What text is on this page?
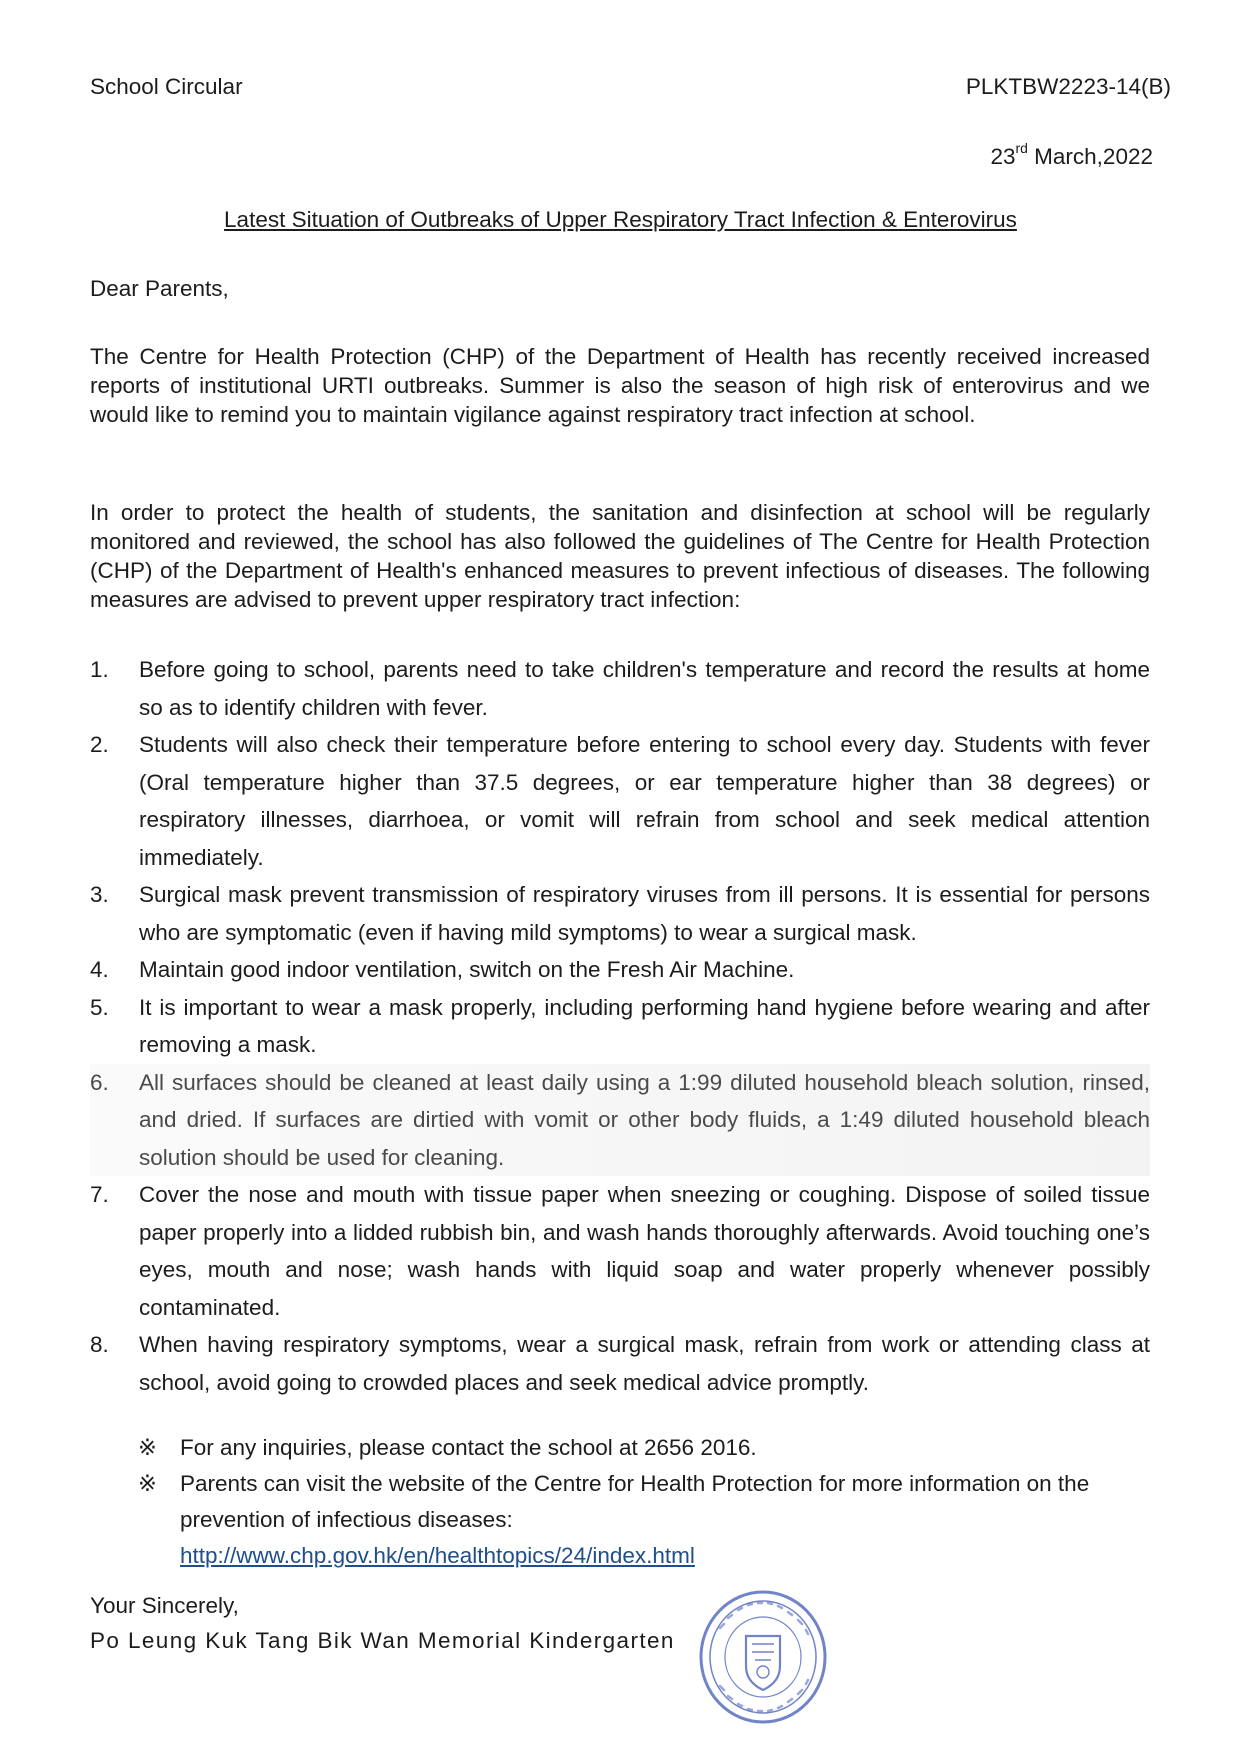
School Circular	PLKTBW2223-14(B)
23rd March,2022
Latest Situation of Outbreaks of Upper Respiratory Tract Infection & Enterovirus
Dear Parents,
The Centre for Health Protection (CHP) of the Department of Health has recently received increased reports of institutional URTI outbreaks. Summer is also the season of high risk of enterovirus and we would like to remind you to maintain vigilance against respiratory tract infection at school.
In order to protect the health of students, the sanitation and disinfection at school will be regularly monitored and reviewed, the school has also followed the guidelines of The Centre for Health Protection (CHP) of the Department of Health's enhanced measures to prevent infectious of diseases. The following measures are advised to prevent upper respiratory tract infection:
1. Before going to school, parents need to take children's temperature and record the results at home so as to identify children with fever.
2. Students will also check their temperature before entering to school every day. Students with fever (Oral temperature higher than 37.5 degrees, or ear temperature higher than 38 degrees) or respiratory illnesses, diarrhoea, or vomit will refrain from school and seek medical attention immediately.
3. Surgical mask prevent transmission of respiratory viruses from ill persons. It is essential for persons who are symptomatic (even if having mild symptoms) to wear a surgical mask.
4. Maintain good indoor ventilation, switch on the Fresh Air Machine.
5. It is important to wear a mask properly, including performing hand hygiene before wearing and after removing a mask.
6. All surfaces should be cleaned at least daily using a 1:99 diluted household bleach solution, rinsed, and dried. If surfaces are dirtied with vomit or other body fluids, a 1:49 diluted household bleach solution should be used for cleaning.
7. Cover the nose and mouth with tissue paper when sneezing or coughing. Dispose of soiled tissue paper properly into a lidded rubbish bin, and wash hands thoroughly afterwards. Avoid touching one’s eyes, mouth and nose; wash hands with liquid soap and water properly whenever possibly contaminated.
8. When having respiratory symptoms, wear a surgical mask, refrain from work or attending class at school, avoid going to crowded places and seek medical advice promptly.
※ For any inquiries, please contact the school at 2656 2016.
※ Parents can visit the website of the Centre for Health Protection for more information on the prevention of infectious diseases:
http://www.chp.gov.hk/en/healthtopics/24/index.html
Your Sincerely,
Po Leung Kuk Tang Bik Wan Memorial Kindergarten
